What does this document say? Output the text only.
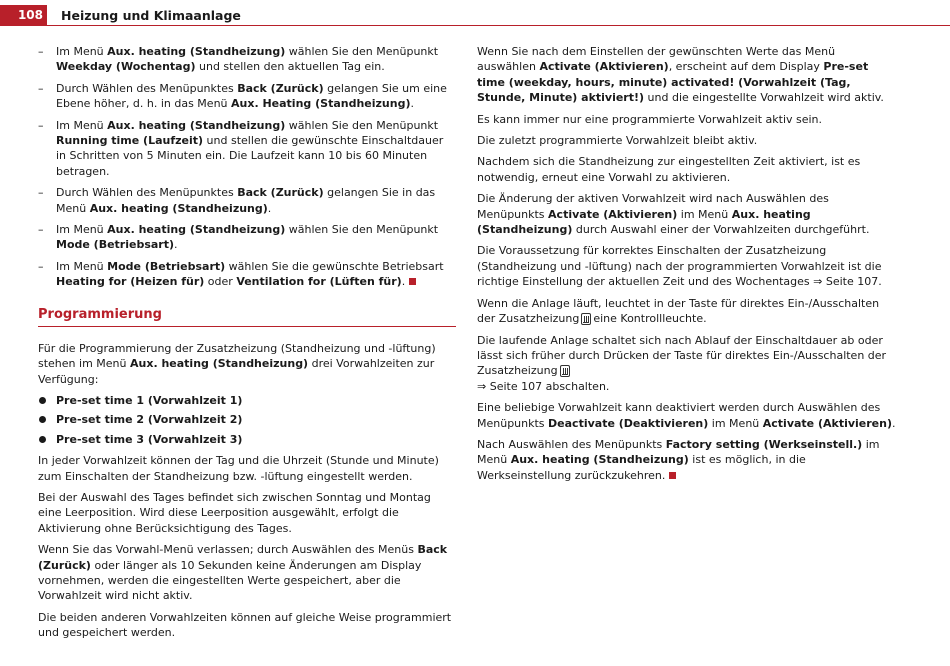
108	Heizung und Klimaanlage
– Im Menü Aux. heating (Standheizung) wählen Sie den Menüpunkt Weekday (Wochentag) und stellen den aktuellen Tag ein.
– Durch Wählen des Menüpunktes Back (Zurück) gelangen Sie um eine Ebene höher, d. h. in das Menü Aux. Heating (Standheizung).
– Im Menü Aux. heating (Standheizung) wählen Sie den Menüpunkt Running time (Laufzeit) und stellen die gewünschte Einschaltdauer in Schritten von 5 Minuten ein. Die Laufzeit kann 10 bis 60 Minuten betragen.
– Durch Wählen des Menüpunktes Back (Zurück) gelangen Sie in das Menü Aux. heating (Standheizung).
– Im Menü Aux. heating (Standheizung) wählen Sie den Menüpunkt Mode (Betriebsart).
– Im Menü Mode (Betriebsart) wählen Sie die gewünschte Betriebsart Heating for (Heizen für) oder Ventilation for (Lüften für).
Programmierung
Für die Programmierung der Zusatzheizung (Standheizung und -lüftung) stehen im Menü Aux. heating (Standheizung) drei Vorwahlzeiten zur Verfügung:
Pre-set time 1 (Vorwahlzeit 1)
Pre-set time 2 (Vorwahlzeit 2)
Pre-set time 3 (Vorwahlzeit 3)
In jeder Vorwahlzeit können der Tag und die Uhrzeit (Stunde und Minute) zum Einschalten der Standheizung bzw. -lüftung eingestellt werden.
Bei der Auswahl des Tages befindet sich zwischen Sonntag und Montag eine Leerposition. Wird diese Leerposition ausgewählt, erfolgt die Aktivierung ohne Berücksichtigung des Tages.
Wenn Sie das Vorwahl-Menü verlassen; durch Auswählen des Menüs Back (Zurück) oder länger als 10 Sekunden keine Änderungen am Display vornehmen, werden die eingestellten Werte gespeichert, aber die Vorwahlzeit wird nicht aktiv.
Die beiden anderen Vorwahlzeiten können auf gleiche Weise programmiert und gespeichert werden.
Wenn Sie nach dem Einstellen der gewünschten Werte das Menü auswählen Activate (Aktivieren), erscheint auf dem Display Pre-set time (weekday, hours, minute) activated! (Vorwahlzeit (Tag, Stunde, Minute) aktiviert!) und die eingestellte Vorwahlzeit wird aktiv.
Es kann immer nur eine programmierte Vorwahlzeit aktiv sein.
Die zuletzt programmierte Vorwahlzeit bleibt aktiv.
Nachdem sich die Standheizung zur eingestellten Zeit aktiviert, ist es notwendig, erneut eine Vorwahl zu aktivieren.
Die Änderung der aktiven Vorwahlzeit wird nach Auswählen des Menüpunkts Activate (Aktivieren) im Menü Aux. heating (Standheizung) durch Auswahl einer der Vorwahlzeiten durchgeführt.
Die Voraussetzung für korrektes Einschalten der Zusatzheizung (Standheizung und -lüftung) nach der programmierten Vorwahlzeit ist die richtige Einstellung der aktuellen Zeit und des Wochentages ⇒ Seite 107.
Wenn die Anlage läuft, leuchtet in der Taste für direktes Ein-/Ausschalten der Zusatzheizung eine Kontrollleuchte.
Die laufende Anlage schaltet sich nach Ablauf der Einschaltdauer ab oder lässt sich früher durch Drücken der Taste für direktes Ein-/Ausschalten der Zusatzheizung
⇒ Seite 107 abschalten.
Eine beliebige Vorwahlzeit kann deaktiviert werden durch Auswählen des Menüpunkts Deactivate (Deaktivieren) im Menü Activate (Aktivieren).
Nach Auswählen des Menüpunkts Factory setting (Werkseinstell.) im Menü Aux. heating (Standheizung) ist es möglich, in die Werkseinstellung zurückzukehren.
